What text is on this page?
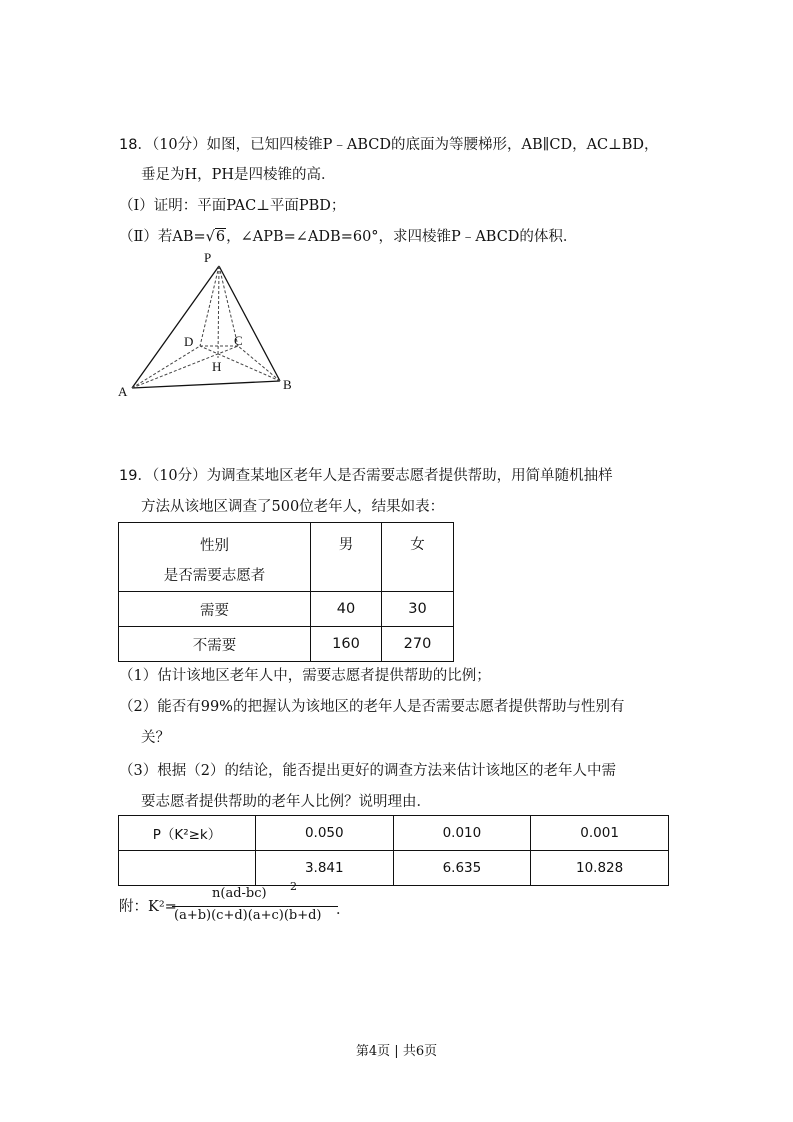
18．（10分）如图，已知四棱锥P﹣ABCD的底面为等腰梯形，AB∥CD，AC⊥BD，
垂足为H，PH是四棱锥的高．
（Ⅰ）证明：平面PAC⊥平面PBD；
（Ⅱ）若AB=√6，∠APB=∠ADB=60°，求四棱锥P﹣ABCD的体积．
P
A	B
D	C
H
19．（10分）为调查某地区老年人是否需要志愿者提供帮助，用简单随机抽样
方法从该地区调查了500位老年人，结果如表：
性别
是否需要志愿者	男	女
需要	40	30
不需要	160	270
（1）估计该地区老年人中，需要志愿者提供帮助的比例；
（2）能否有99%的把握认为该地区的老年人是否需要志愿者提供帮助与性别有
关？
（3）根据（2）的结论，能否提出更好的调查方法来估计该地区的老年人中需
要志愿者提供帮助的老年人比例？说明理由．
P（K²≥k）	0.050	0.010	0.001
	3.841	6.635	10.828
附：K²=
n(ad-bc) 2
(a+b)(c+d)(a+c)(b+d) ．
第4页 | 共6页
